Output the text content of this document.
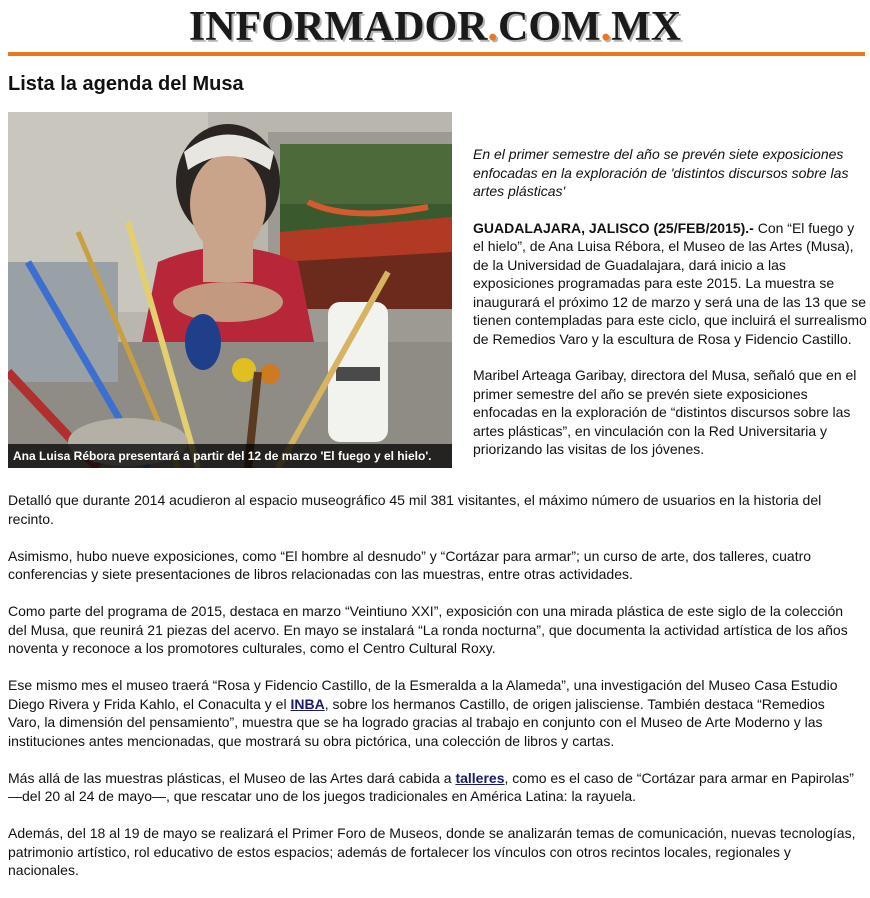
INFORMADOR.COM.MX
Lista la agenda del Musa
Ana Luisa Rébora presentará a partir del 12 de marzo 'El fuego y el hielo'.

En el primer semestre del año se prevén siete exposiciones enfocadas en la exploración de 'distintos discursos sobre las artes plásticas'

GUADALAJARA, JALISCO (25/FEB/2015).- Con “El fuego y el hielo”, de Ana Luisa Rébora, el Museo de las Artes (Musa), de la Universidad de Guadalajara, dará inicio a las exposiciones programadas para este 2015. La muestra se inaugurará el próximo 12 de marzo y será una de las 13 que se tienen contempladas para este ciclo, que incluirá el surrealismo de Remedios Varo y la escultura de Rosa y Fidencio Castillo.

Maribel Arteaga Garibay, directora del Musa, señaló que en el primer semestre del año se prevén siete exposiciones enfocadas en la exploración de “distintos discursos sobre las artes plásticas”, en vinculación con la Red Universitaria y priorizando las visitas de los jóvenes.

Detalló que durante 2014 acudieron al espacio museográfico 45 mil 381 visitantes, el máximo número de usuarios en la historia del recinto.

Asimismo, hubo nueve exposiciones, como “El hombre al desnudo” y “Cortázar para armar”; un curso de arte, dos talleres, cuatro conferencias y siete presentaciones de libros relacionadas con las muestras, entre otras actividades.

Como parte del programa de 2015, destaca en marzo “Veintiuno XXI”, exposición con una mirada plástica de este siglo de la colección del Musa, que reunirá 21 piezas del acervo. En mayo se instalará “La ronda nocturna”, que documenta la actividad artística de los años noventa y reconoce a los promotores culturales, como el Centro Cultural Roxy.

Ese mismo mes el museo traerá “Rosa y Fidencio Castillo, de la Esmeralda a la Alameda”, una investigación del Museo Casa Estudio Diego Rivera y Frida Kahlo, el Conaculta y el INBA, sobre los hermanos Castillo, de origen jalisciense. También destaca “Remedios Varo, la dimensión del pensamiento”, muestra que se ha logrado gracias al trabajo en conjunto con el Museo de Arte Moderno y las instituciones antes mencionadas, que mostrará su obra pictórica, una colección de libros y cartas.

Más allá de las muestras plásticas, el Museo de las Artes dará cabida a talleres, como es el caso de “Cortázar para armar en Papirolas” —del 20 al 24 de mayo—, que rescatar uno de los juegos tradicionales en América Latina: la rayuela.

Además, del 18 al 19 de mayo se realizará el Primer Foro de Museos, donde se analizarán temas de comunicación, nuevas tecnologías, patrimonio artístico, rol educativo de estos espacios; además de fortalecer los vínculos con otros recintos locales, regionales y nacionales.
